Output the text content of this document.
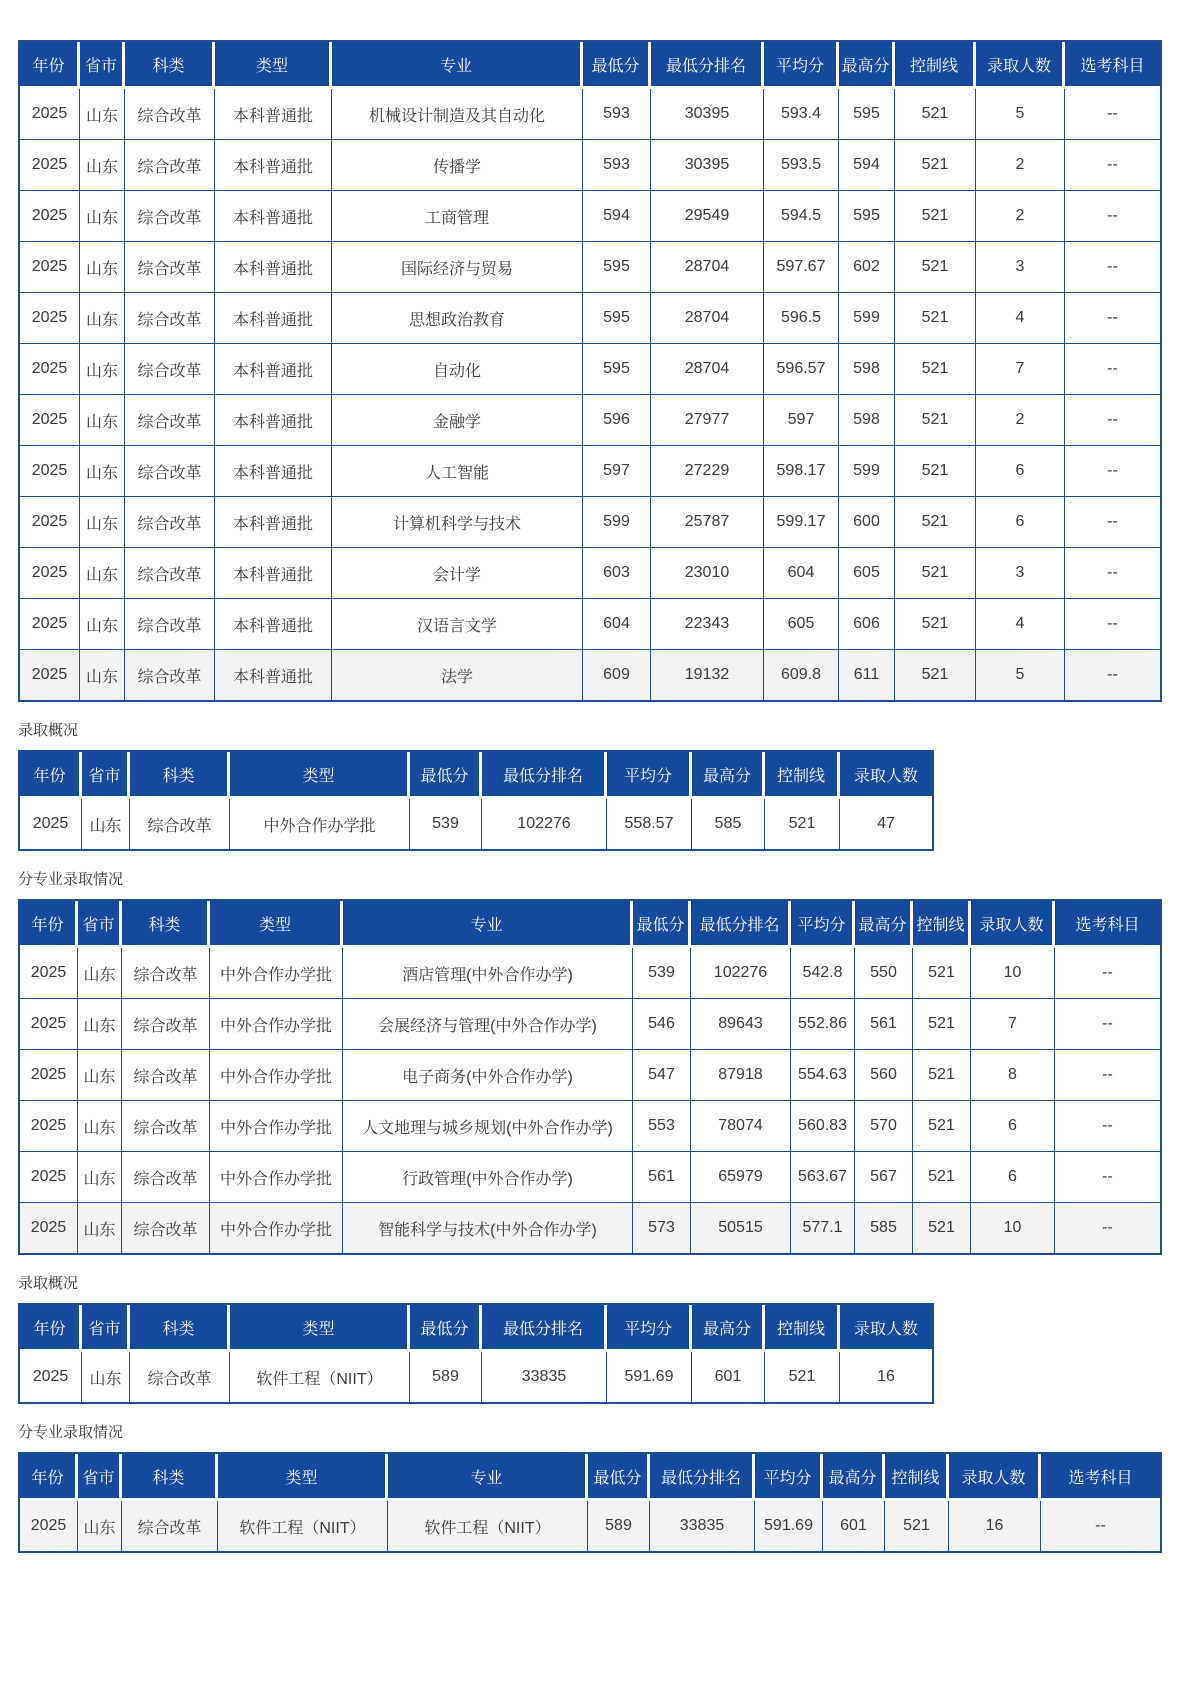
年份	省市	科类	类型	专业	最低分	最低分排名	平均分	最高分	控制线	录取人数	选考科目
2025	山东	综合改革	本科普通批	机械设计制造及其自动化	593	30395	593.4	595	521	5	--
2025	山东	综合改革	本科普通批	传播学	593	30395	593.5	594	521	2	--
2025	山东	综合改革	本科普通批	工商管理	594	29549	594.5	595	521	2	--
2025	山东	综合改革	本科普通批	国际经济与贸易	595	28704	597.67	602	521	3	--
2025	山东	综合改革	本科普通批	思想政治教育	595	28704	596.5	599	521	4	--
2025	山东	综合改革	本科普通批	自动化	595	28704	596.57	598	521	7	--
2025	山东	综合改革	本科普通批	金融学	596	27977	597	598	521	2	--
2025	山东	综合改革	本科普通批	人工智能	597	27229	598.17	599	521	6	--
2025	山东	综合改革	本科普通批	计算机科学与技术	599	25787	599.17	600	521	6	--
2025	山东	综合改革	本科普通批	会计学	603	23010	604	605	521	3	--
2025	山东	综合改革	本科普通批	汉语言文学	604	22343	605	606	521	4	--
2025	山东	综合改革	本科普通批	法学	609	19132	609.8	611	521	5	--
录取概况
年份	省市	科类	类型	最低分	最低分排名	平均分	最高分	控制线	录取人数
2025	山东	综合改革	中外合作办学批	539	102276	558.57	585	521	47
分专业录取情况
年份	省市	科类	类型	专业	最低分	最低分排名	平均分	最高分	控制线	录取人数	选考科目
2025	山东	综合改革	中外合作办学批	酒店管理(中外合作办学)	539	102276	542.8	550	521	10	--
2025	山东	综合改革	中外合作办学批	会展经济与管理(中外合作办学)	546	89643	552.86	561	521	7	--
2025	山东	综合改革	中外合作办学批	电子商务(中外合作办学)	547	87918	554.63	560	521	8	--
2025	山东	综合改革	中外合作办学批	人文地理与城乡规划(中外合作办学)	553	78074	560.83	570	521	6	--
2025	山东	综合改革	中外合作办学批	行政管理(中外合作办学)	561	65979	563.67	567	521	6	--
2025	山东	综合改革	中外合作办学批	智能科学与技术(中外合作办学)	573	50515	577.1	585	521	10	--
录取概况
年份	省市	科类	类型	最低分	最低分排名	平均分	最高分	控制线	录取人数
2025	山东	综合改革	软件工程（NIIT）	589	33835	591.69	601	521	16
分专业录取情况
年份	省市	科类	类型	专业	最低分	最低分排名	平均分	最高分	控制线	录取人数	选考科目
2025	山东	综合改革	软件工程（NIIT）	软件工程（NIIT）	589	33835	591.69	601	521	16	--
